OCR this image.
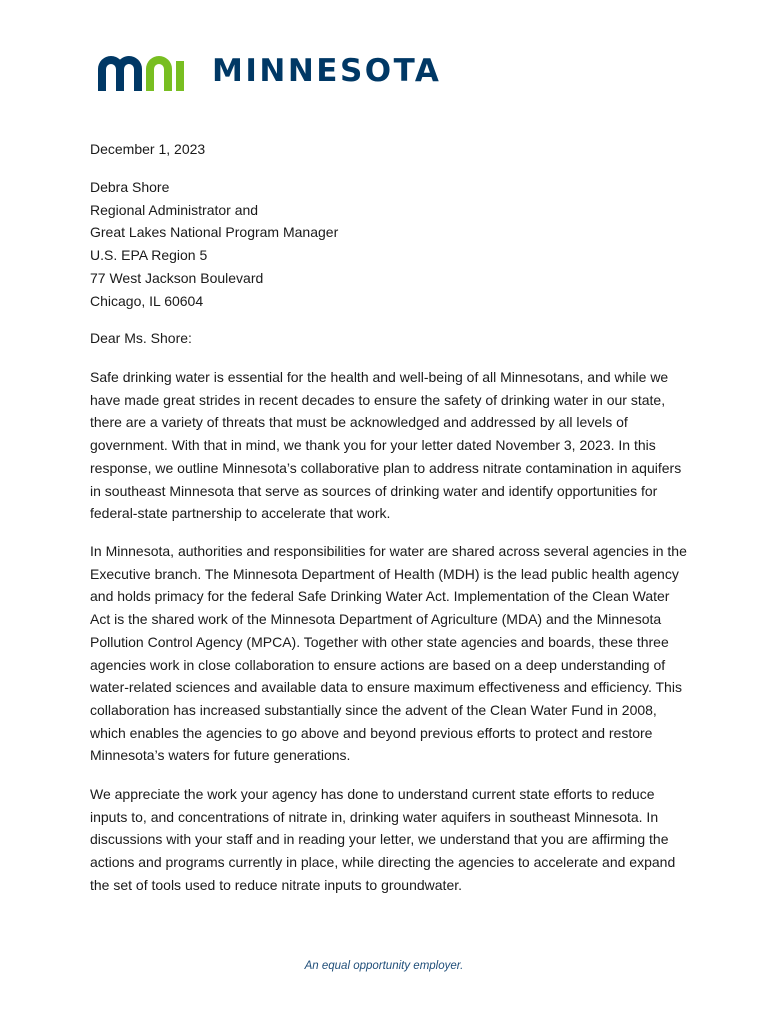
MINNESOTA
December 1, 2023
Debra Shore
Regional Administrator and
Great Lakes National Program Manager
U.S. EPA Region 5
77 West Jackson Boulevard
Chicago, IL 60604
Dear Ms. Shore:
Safe drinking water is essential for the health and well-being of all Minnesotans, and while we have made great strides in recent decades to ensure the safety of drinking water in our state, there are a variety of threats that must be acknowledged and addressed by all levels of government. With that in mind, we thank you for your letter dated November 3, 2023. In this response, we outline Minnesota’s collaborative plan to address nitrate contamination in aquifers in southeast Minnesota that serve as sources of drinking water and identify opportunities for federal-state partnership to accelerate that work.
In Minnesota, authorities and responsibilities for water are shared across several agencies in the Executive branch. The Minnesota Department of Health (MDH) is the lead public health agency and holds primacy for the federal Safe Drinking Water Act. Implementation of the Clean Water Act is the shared work of the Minnesota Department of Agriculture (MDA) and the Minnesota Pollution Control Agency (MPCA). Together with other state agencies and boards, these three agencies work in close collaboration to ensure actions are based on a deep understanding of water-related sciences and available data to ensure maximum effectiveness and efficiency. This collaboration has increased substantially since the advent of the Clean Water Fund in 2008, which enables the agencies to go above and beyond previous efforts to protect and restore Minnesota’s waters for future generations.
We appreciate the work your agency has done to understand current state efforts to reduce inputs to, and concentrations of nitrate in, drinking water aquifers in southeast Minnesota. In discussions with your staff and in reading your letter, we understand that you are affirming the actions and programs currently in place, while directing the agencies to accelerate and expand the set of tools used to reduce nitrate inputs to groundwater.
An equal opportunity employer.
